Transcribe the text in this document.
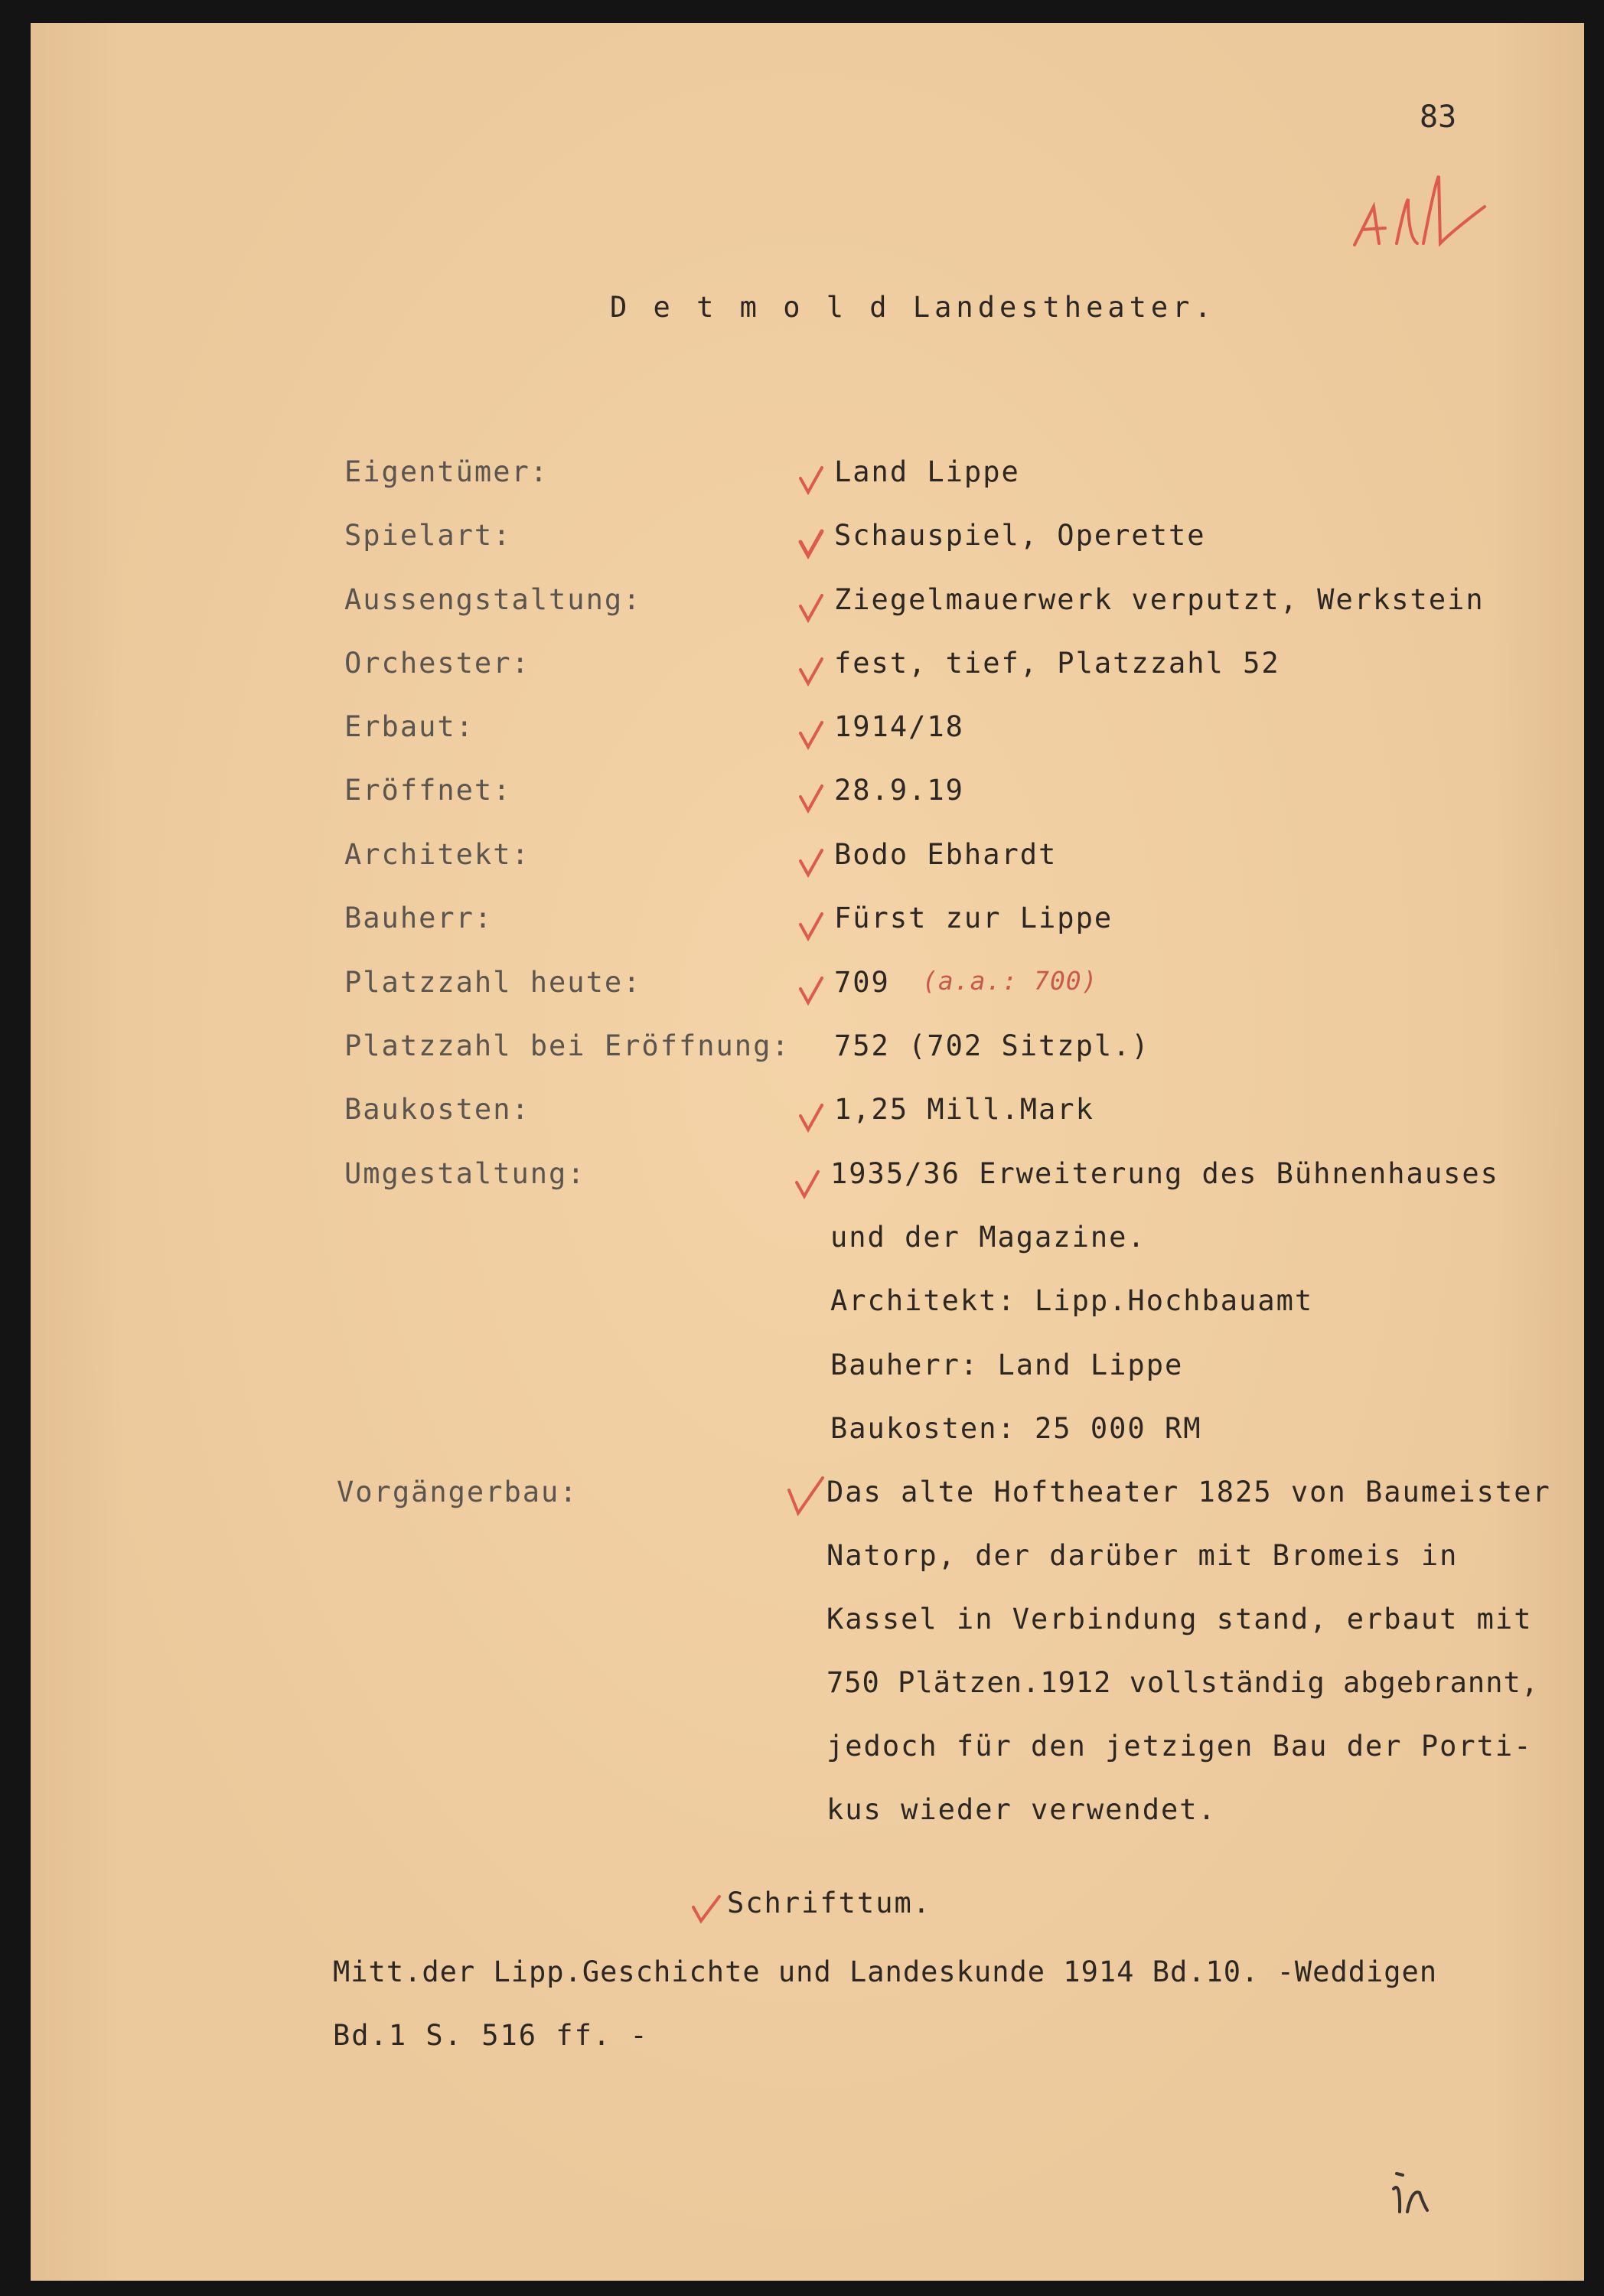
83
D e t m o l d Landestheater.
Eigentümer:
Spielart:
Aussengstaltung:
Orchester:
Erbaut:
Eröffnet:
Architekt:
Bauherr:
Platzzahl heute:
Platzzahl bei Eröffnung:
Baukosten:
Umgestaltung:
Vorgängerbau:
Land Lippe
Schauspiel, Operette
Ziegelmauerwerk verputzt, Werkstein
fest, tief, Platzzahl 52
1914/18
28.9.19
Bodo Ebhardt
Fürst zur Lippe
709 (a.a.: 700)
752 (702 Sitzpl.)
1,25 Mill.Mark
1935/36 Erweiterung des Bühnenhauses
und der Magazine.
Architekt: Lipp.Hochbauamt
Bauherr: Land Lippe
Baukosten: 25 000 RM
Das alte Hoftheater 1825 von Baumeister
Natorp, der darüber mit Bromeis in
Kassel in Verbindung stand, erbaut mit
750 Plätzen.1912 vollständig abgebrannt,
jedoch für den jetzigen Bau der Porti-
kus wieder verwendet.
Schrifttum.
Mitt.der Lipp.Geschichte und Landeskunde 1914 Bd.10. -Weddigen
Bd.1 S. 516 ff. -
